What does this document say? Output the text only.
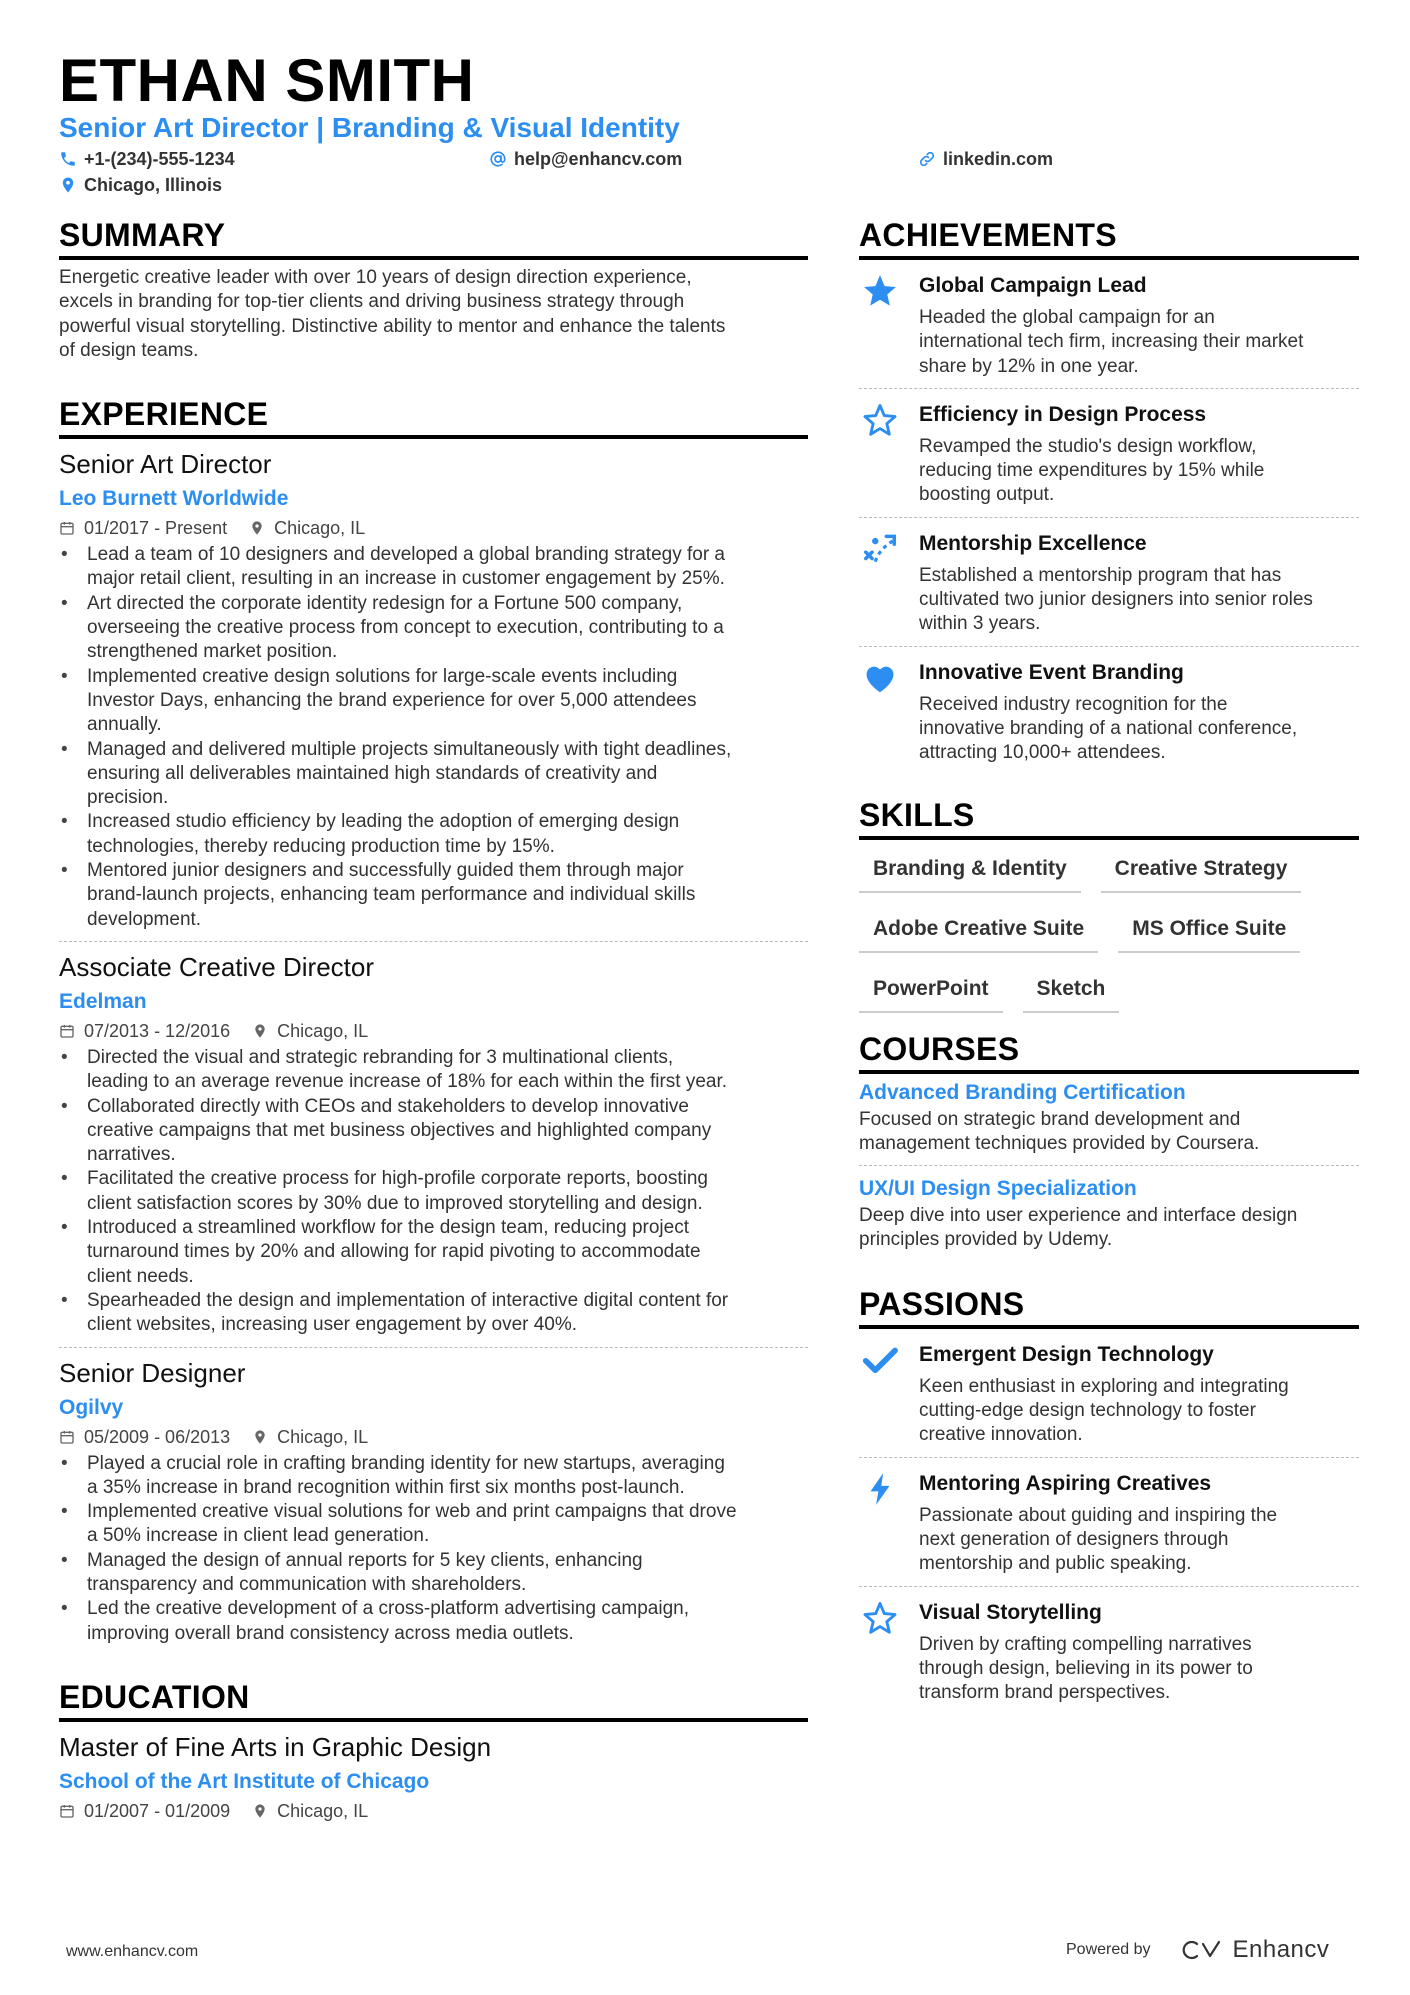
ETHAN SMITH
Senior Art Director | Branding & Visual Identity
+1-(234)-555-1234	help@enhancv.com	linkedin.com
Chicago, Illinois
SUMMARY
Energetic creative leader with over 10 years of design direction experience,
excels in branding for top-tier clients and driving business strategy through
powerful visual storytelling. Distinctive ability to mentor and enhance the talents
of design teams.
EXPERIENCE
Senior Art Director
Leo Burnett Worldwide
01/2017 - Present	Chicago, IL
• Lead a team of 10 designers and developed a global branding strategy for a
major retail client, resulting in an increase in customer engagement by 25%.
• Art directed the corporate identity redesign for a Fortune 500 company,
overseeing the creative process from concept to execution, contributing to a
strengthened market position.
• Implemented creative design solutions for large-scale events including
Investor Days, enhancing the brand experience for over 5,000 attendees
annually.
• Managed and delivered multiple projects simultaneously with tight deadlines,
ensuring all deliverables maintained high standards of creativity and
precision.
• Increased studio efficiency by leading the adoption of emerging design
technologies, thereby reducing production time by 15%.
• Mentored junior designers and successfully guided them through major
brand-launch projects, enhancing team performance and individual skills
development.
Associate Creative Director
Edelman
07/2013 - 12/2016	Chicago, IL
• Directed the visual and strategic rebranding for 3 multinational clients,
leading to an average revenue increase of 18% for each within the first year.
• Collaborated directly with CEOs and stakeholders to develop innovative
creative campaigns that met business objectives and highlighted company
narratives.
• Facilitated the creative process for high-profile corporate reports, boosting
client satisfaction scores by 30% due to improved storytelling and design.
• Introduced a streamlined workflow for the design team, reducing project
turnaround times by 20% and allowing for rapid pivoting to accommodate
client needs.
• Spearheaded the design and implementation of interactive digital content for
client websites, increasing user engagement by over 40%.
Senior Designer
Ogilvy
05/2009 - 06/2013	Chicago, IL
• Played a crucial role in crafting branding identity for new startups, averaging
a 35% increase in brand recognition within first six months post-launch.
• Implemented creative visual solutions for web and print campaigns that drove
a 50% increase in client lead generation.
• Managed the design of annual reports for 5 key clients, enhancing
transparency and communication with shareholders.
• Led the creative development of a cross-platform advertising campaign,
improving overall brand consistency across media outlets.
EDUCATION
Master of Fine Arts in Graphic Design
School of the Art Institute of Chicago
01/2007 - 01/2009	Chicago, IL
ACHIEVEMENTS
Global Campaign Lead
Headed the global campaign for an
international tech firm, increasing their market
share by 12% in one year.
Efficiency in Design Process
Revamped the studio's design workflow,
reducing time expenditures by 15% while
boosting output.
Mentorship Excellence
Established a mentorship program that has
cultivated two junior designers into senior roles
within 3 years.
Innovative Event Branding
Received industry recognition for the
innovative branding of a national conference,
attracting 10,000+ attendees.
SKILLS
Branding & Identity	Creative Strategy
Adobe Creative Suite	MS Office Suite
PowerPoint	Sketch
COURSES
Advanced Branding Certification
Focused on strategic brand development and
management techniques provided by Coursera.
UX/UI Design Specialization
Deep dive into user experience and interface design
principles provided by Udemy.
PASSIONS
Emergent Design Technology
Keen enthusiast in exploring and integrating
cutting-edge design technology to foster
creative innovation.
Mentoring Aspiring Creatives
Passionate about guiding and inspiring the
next generation of designers through
mentorship and public speaking.
Visual Storytelling
Driven by crafting compelling narratives
through design, believing in its power to
transform brand perspectives.
www.enhancv.com	Powered by	Enhancv
